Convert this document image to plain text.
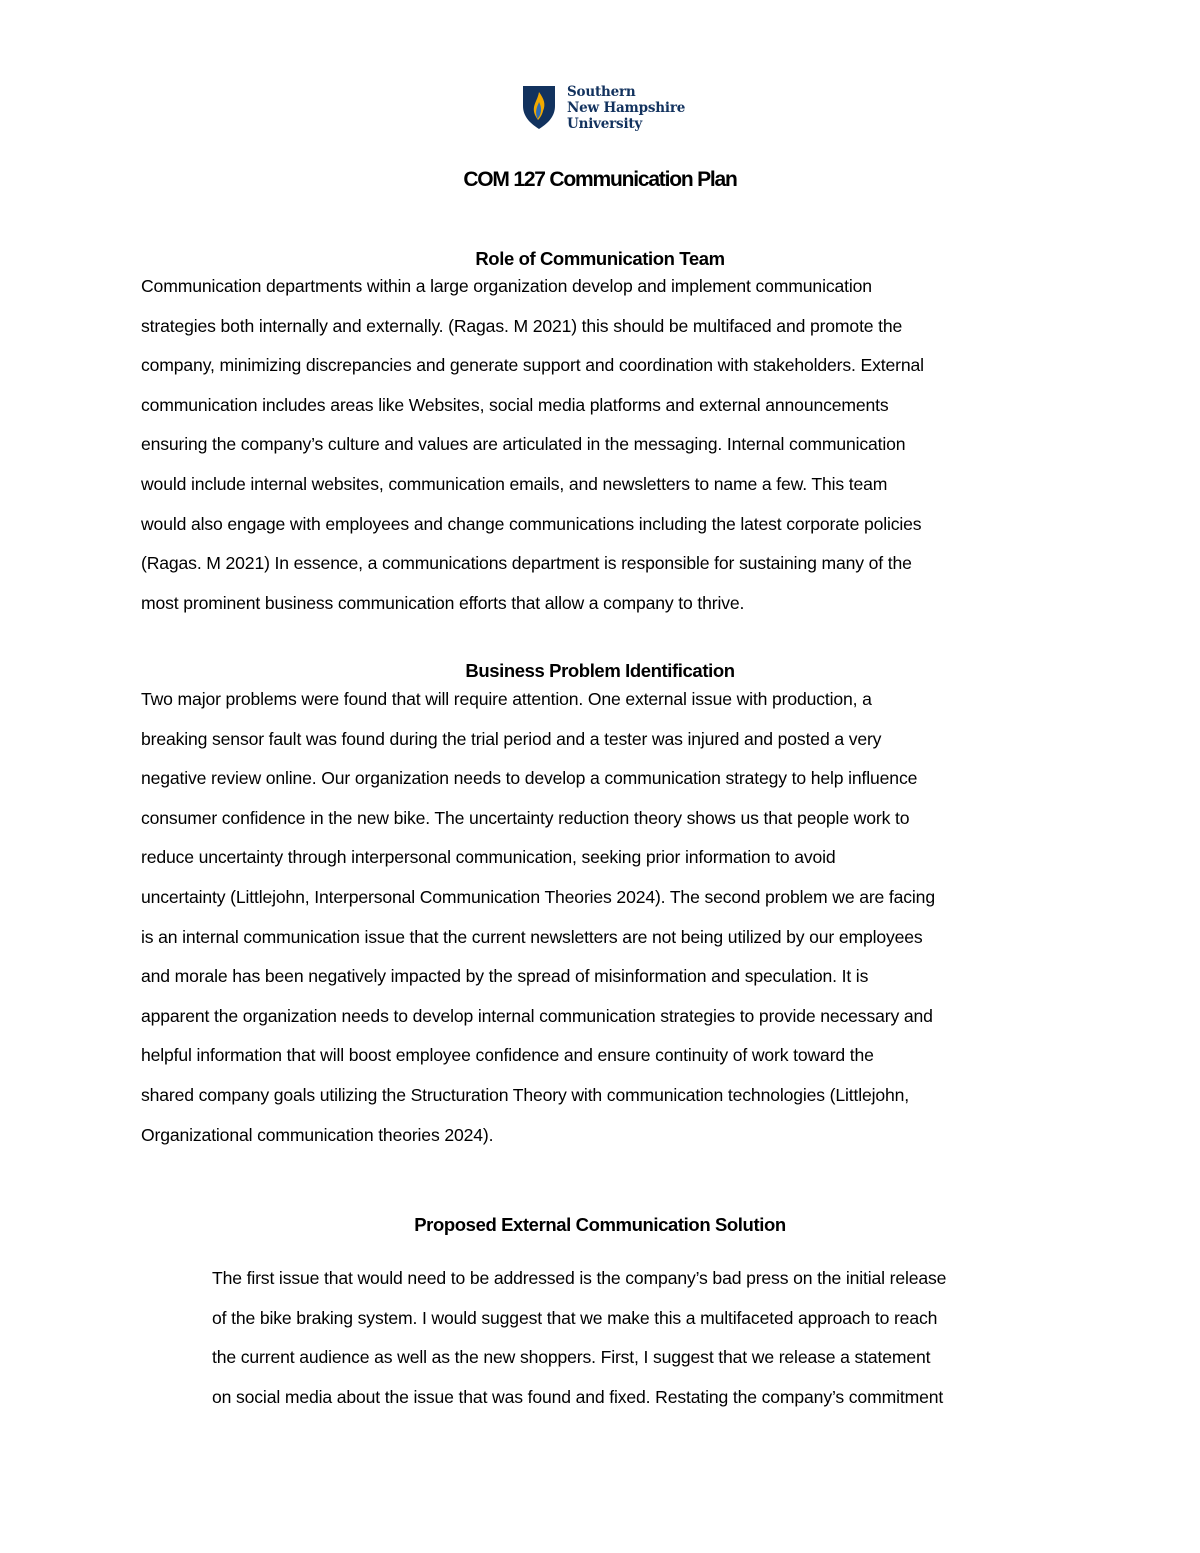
Southern
New Hampshire
University
COM 127 Communication Plan
Role of Communication Team
Communication departments within a large organization develop and implement communication
strategies both internally and externally. (Ragas. M 2021) this should be multifaced and promote the
company, minimizing discrepancies and generate support and coordination with stakeholders. External
communication includes areas like Websites, social media platforms and external announcements
ensuring the company’s culture and values are articulated in the messaging. Internal communication
would include internal websites, communication emails, and newsletters to name a few. This team
would also engage with employees and change communications including the latest corporate policies
(Ragas. M 2021) In essence, a communications department is responsible for sustaining many of the
most prominent business communication efforts that allow a company to thrive.
Business Problem Identification
Two major problems were found that will require attention. One external issue with production, a
breaking sensor fault was found during the trial period and a tester was injured and posted a very
negative review online. Our organization needs to develop a communication strategy to help influence
consumer confidence in the new bike. The uncertainty reduction theory shows us that people work to
reduce uncertainty through interpersonal communication, seeking prior information to avoid
uncertainty (Littlejohn, Interpersonal Communication Theories 2024). The second problem we are facing
is an internal communication issue that the current newsletters are not being utilized by our employees
and morale has been negatively impacted by the spread of misinformation and speculation. It is
apparent the organization needs to develop internal communication strategies to provide necessary and
helpful information that will boost employee confidence and ensure continuity of work toward the
shared company goals utilizing the Structuration Theory with communication technologies (Littlejohn,
Organizational communication theories 2024).
Proposed External Communication Solution
The first issue that would need to be addressed is the company’s bad press on the initial release
of the bike braking system. I would suggest that we make this a multifaceted approach to reach
the current audience as well as the new shoppers. First, I suggest that we release a statement
on social media about the issue that was found and fixed. Restating the company’s commitment
